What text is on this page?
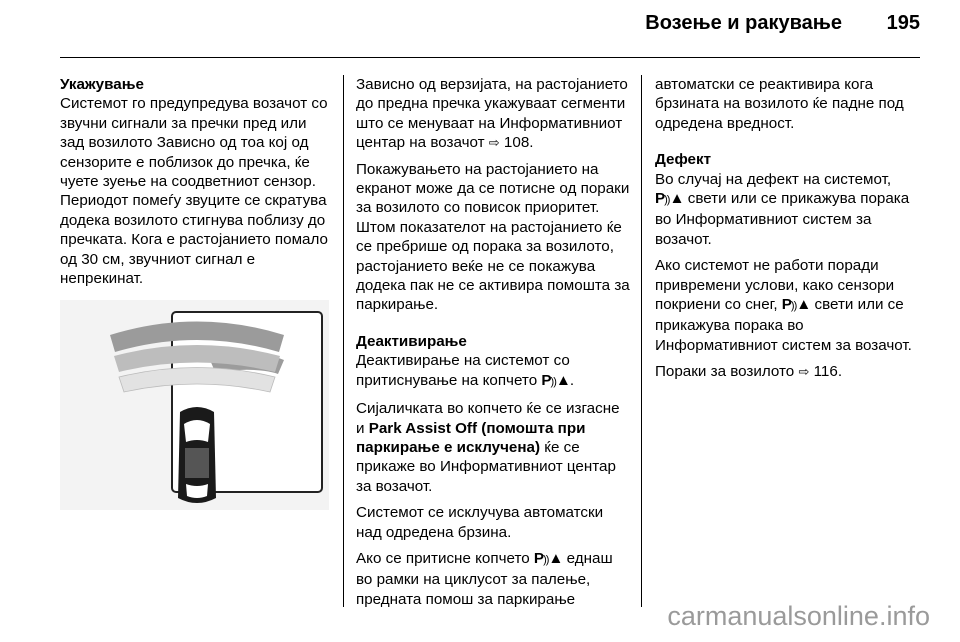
Возење и ракување 195
Укажување

Системот го предупредува возачот со звучни сигнали за пречки пред или зад возилото Зависно од тоа кој од сензорите е поблизок до пречка, ќе чуете зуење на соодветниот сензор. Периодот помеѓу звуците се скратува додека возилото стигнува поблизу до пречката. Кога е растојанието помало од 30 см, звучниот сигнал е непрекинат.

Зависно од верзијата, на растојанието до предна пречка укажуваат сегменти што се менуваат на Информативниот центар на возачот ⇨ 108.

Покажувањето на растојанието на екранот може да се потисне од пораки за возилото со повисок приоритет. Штом показателот на растојанието ќе се пребрише од порака за возилото, растојанието веќе не се покажува додека пак не се активира помошта за паркирање.

Деактивирање

Деактивирање на системот со притиснување на копчето P))▲.

Сијаличката во копчето ќе се изгасне и Park Assist Off (помошта при паркирање е исклучена) ќе се прикаже во Информативниот центар за возачот.

Системот се исклучува автоматски над одредена брзина.

Ако се притисне копчето P))▲ еднаш во рамки на циклусот за палење, предната помош за паркирање

автоматски се реактивира кога брзината на возилото ќе падне под одредена вредност.

Дефект

Во случај на дефект на системот, P))▲ свети или се прикажува порака во Информативниот систем за возачот.

Ако системот не работи поради привремени услови, како сензори покриени со снег, P))▲ свети или се прикажува порака во Информативниот систем за возачот.

Пораки за возилото ⇨ 116.

carmanualsonline.info
